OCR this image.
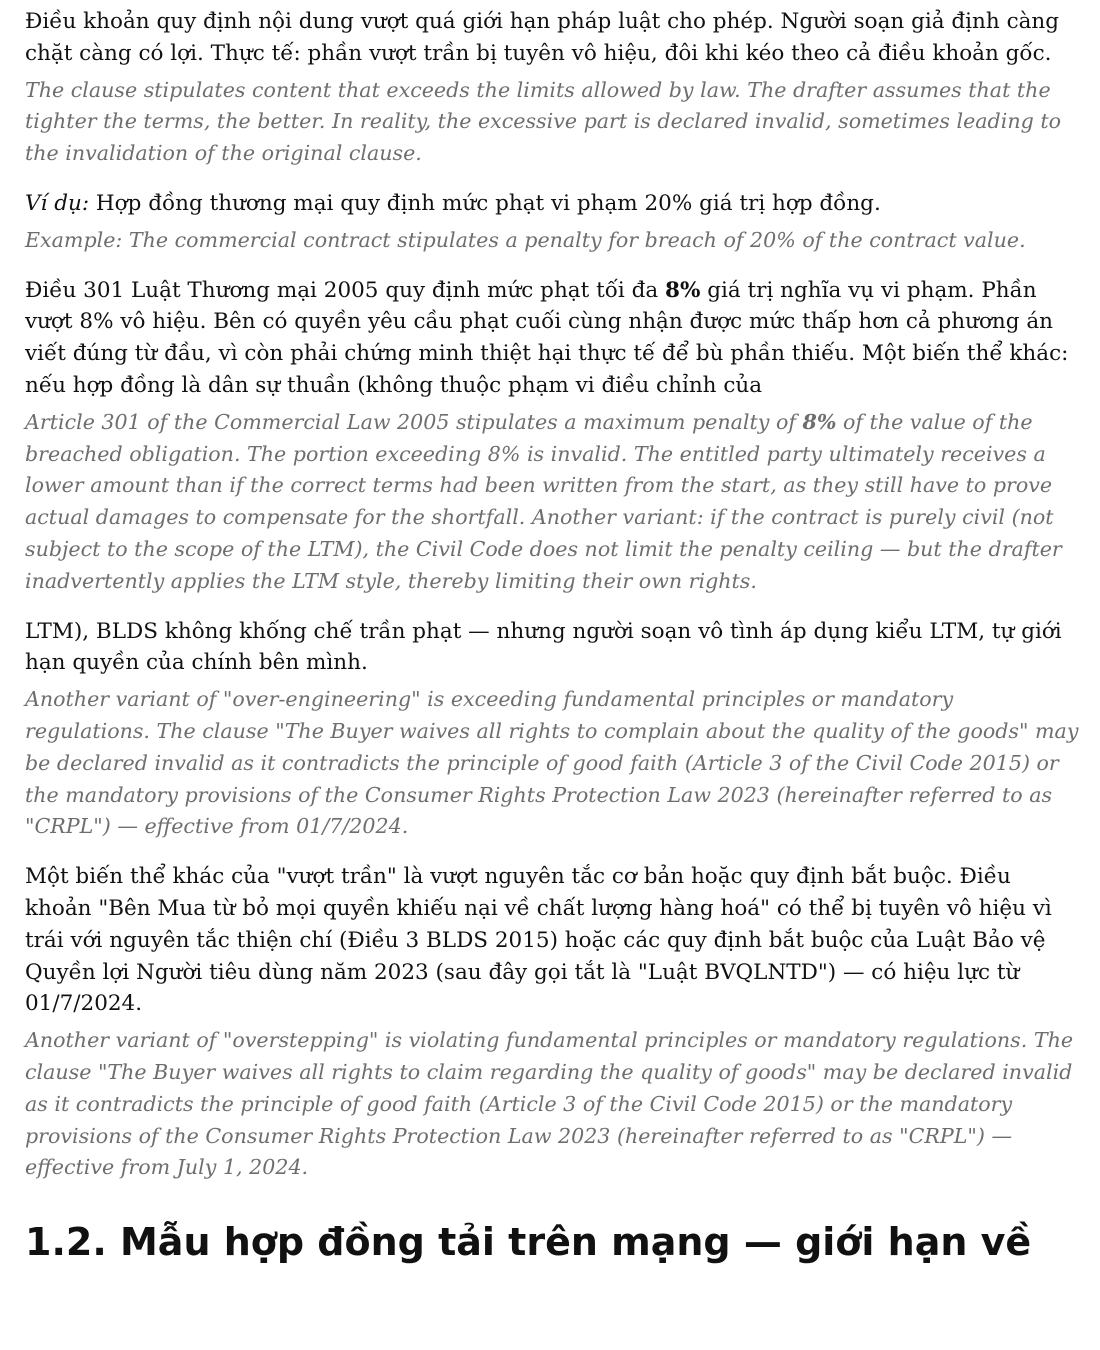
Điều khoản quy định nội dung vượt quá giới hạn pháp luật cho phép. Người soạn giả định càng chặt càng có lợi. Thực tế: phần vượt trần bị tuyên vô hiệu, đôi khi kéo theo cả điều khoản gốc.

The clause stipulates content that exceeds the limits allowed by law. The drafter assumes that the tighter the terms, the better. In reality, the excessive part is declared invalid, sometimes leading to the invalidation of the original clause.

Ví dụ: Hợp đồng thương mại quy định mức phạt vi phạm 20% giá trị hợp đồng.

Example: The commercial contract stipulates a penalty for breach of 20% of the contract value.

Điều 301 Luật Thương mại 2005 quy định mức phạt tối đa 8% giá trị nghĩa vụ vi phạm. Phần vượt 8% vô hiệu. Bên có quyền yêu cầu phạt cuối cùng nhận được mức thấp hơn cả phương án viết đúng từ đầu, vì còn phải chứng minh thiệt hại thực tế để bù phần thiếu. Một biến thể khác: nếu hợp đồng là dân sự thuần (không thuộc phạm vi điều chỉnh của

Article 301 of the Commercial Law 2005 stipulates a maximum penalty of 8% of the value of the breached obligation. The portion exceeding 8% is invalid. The entitled party ultimately receives a lower amount than if the correct terms had been written from the start, as they still have to prove actual damages to compensate for the shortfall. Another variant: if the contract is purely civil (not subject to the scope of the LTM), the Civil Code does not limit the penalty ceiling — but the drafter inadvertently applies the LTM style, thereby limiting their own rights.

LTM), BLDS không khống chế trần phạt — nhưng người soạn vô tình áp dụng kiểu LTM, tự giới hạn quyền của chính bên mình.

Another variant of "over-engineering" is exceeding fundamental principles or mandatory regulations. The clause "The Buyer waives all rights to complain about the quality of the goods" may be declared invalid as it contradicts the principle of good faith (Article 3 of the Civil Code 2015) or the mandatory provisions of the Consumer Rights Protection Law 2023 (hereinafter referred to as "CRPL") — effective from 01/7/2024.

Một biến thể khác của "vượt trần" là vượt nguyên tắc cơ bản hoặc quy định bắt buộc. Điều khoản "Bên Mua từ bỏ mọi quyền khiếu nại về chất lượng hàng hoá" có thể bị tuyên vô hiệu vì trái với nguyên tắc thiện chí (Điều 3 BLDS 2015) hoặc các quy định bắt buộc của Luật Bảo vệ Quyền lợi Người tiêu dùng năm 2023 (sau đây gọi tắt là "Luật BVQLNTD") — có hiệu lực từ 01/7/2024.

Another variant of "overstepping" is violating fundamental principles or mandatory regulations. The clause "The Buyer waives all rights to claim regarding the quality of goods" may be declared invalid as it contradicts the principle of good faith (Article 3 of the Civil Code 2015) or the mandatory provisions of the Consumer Rights Protection Law 2023 (hereinafter referred to as "CRPL") — effective from July 1, 2024.

1.2. Mẫu hợp đồng tải trên mạng — giới hạn về
